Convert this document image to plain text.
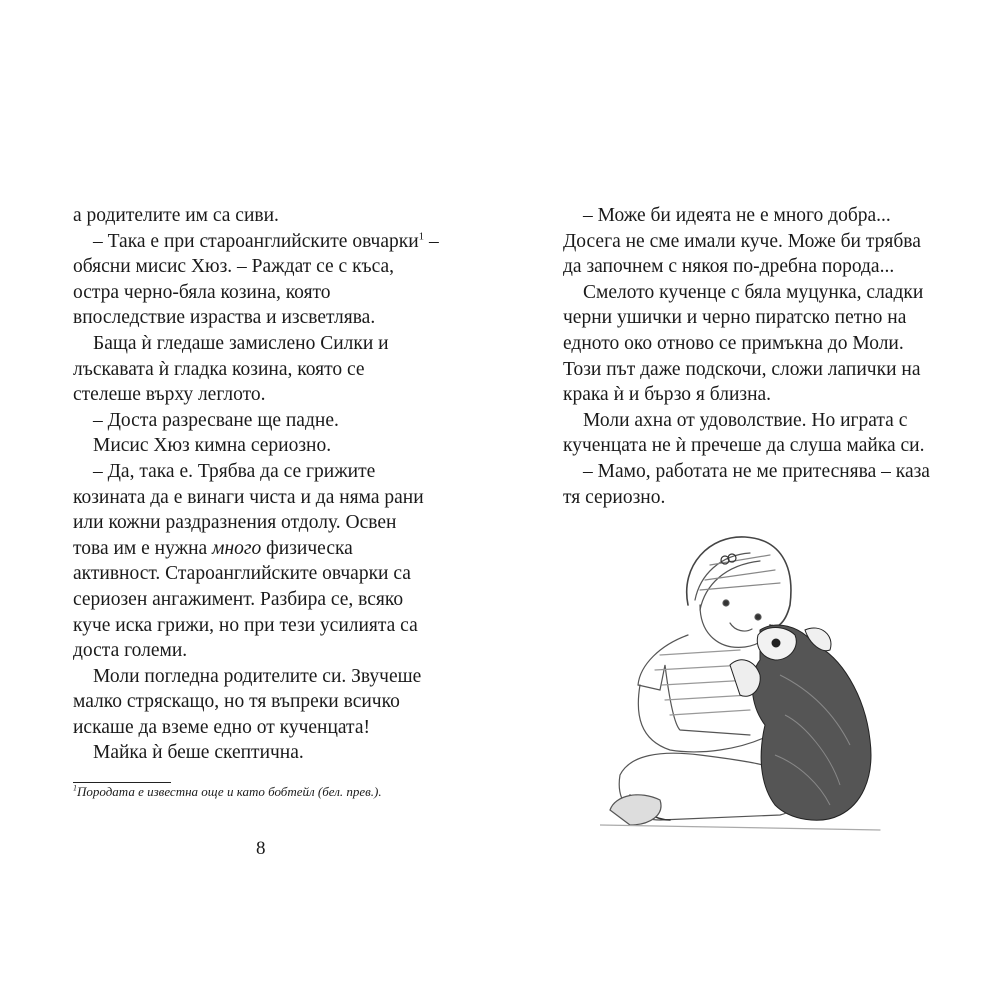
а родителите им са сиви.
– Така е при староанглийските овчарки$^1$ –
обясни мисис Хюз. – Раждат се с къса,
остра черно-бяла козина, която
впоследствие израства и изсветлява.
Баща ѝ гледаше замислено Силки и
лъскавата ѝ гладка козина, която се
стелеше върху леглото.
– Доста разресване ще падне.
Мисис Хюз кимна сериозно.
– Да, така е. Трябва да се грижите
козината да е винаги чиста и да няма рани
или кожни раздразнения отдолу. Освен
това им е нужна много физическа
активност. Староанглийските овчарки са
сериозен ангажимент. Разбира се, всяко
куче иска грижи, но при тези усилията са
доста големи.
Моли погледна родителите си. Звучеше
малко стряскащо, но тя въпреки всичко
искаше да вземе едно от кученцата!
Майка ѝ беше скептична.
$^1$Породата е известна още и като бобтейл (бел. прев.).
8
– Може би идеята не е много добра...
Досега не сме имали куче. Може би трябва
да започнем с някоя по-дребна порода...
Смелото кученце с бяла муцунка, сладки
черни ушички и черно пиратско петно на
едното око отново се примъкна до Моли.
Този път даже подскочи, сложи лапички на
крака ѝ и бързо я близна.
Моли ахна от удоволствие. Но играта с
кученцата не ѝ пречеше да слуша майка си.
– Мамо, работата не ме притеснява – каза
тя сериозно.
